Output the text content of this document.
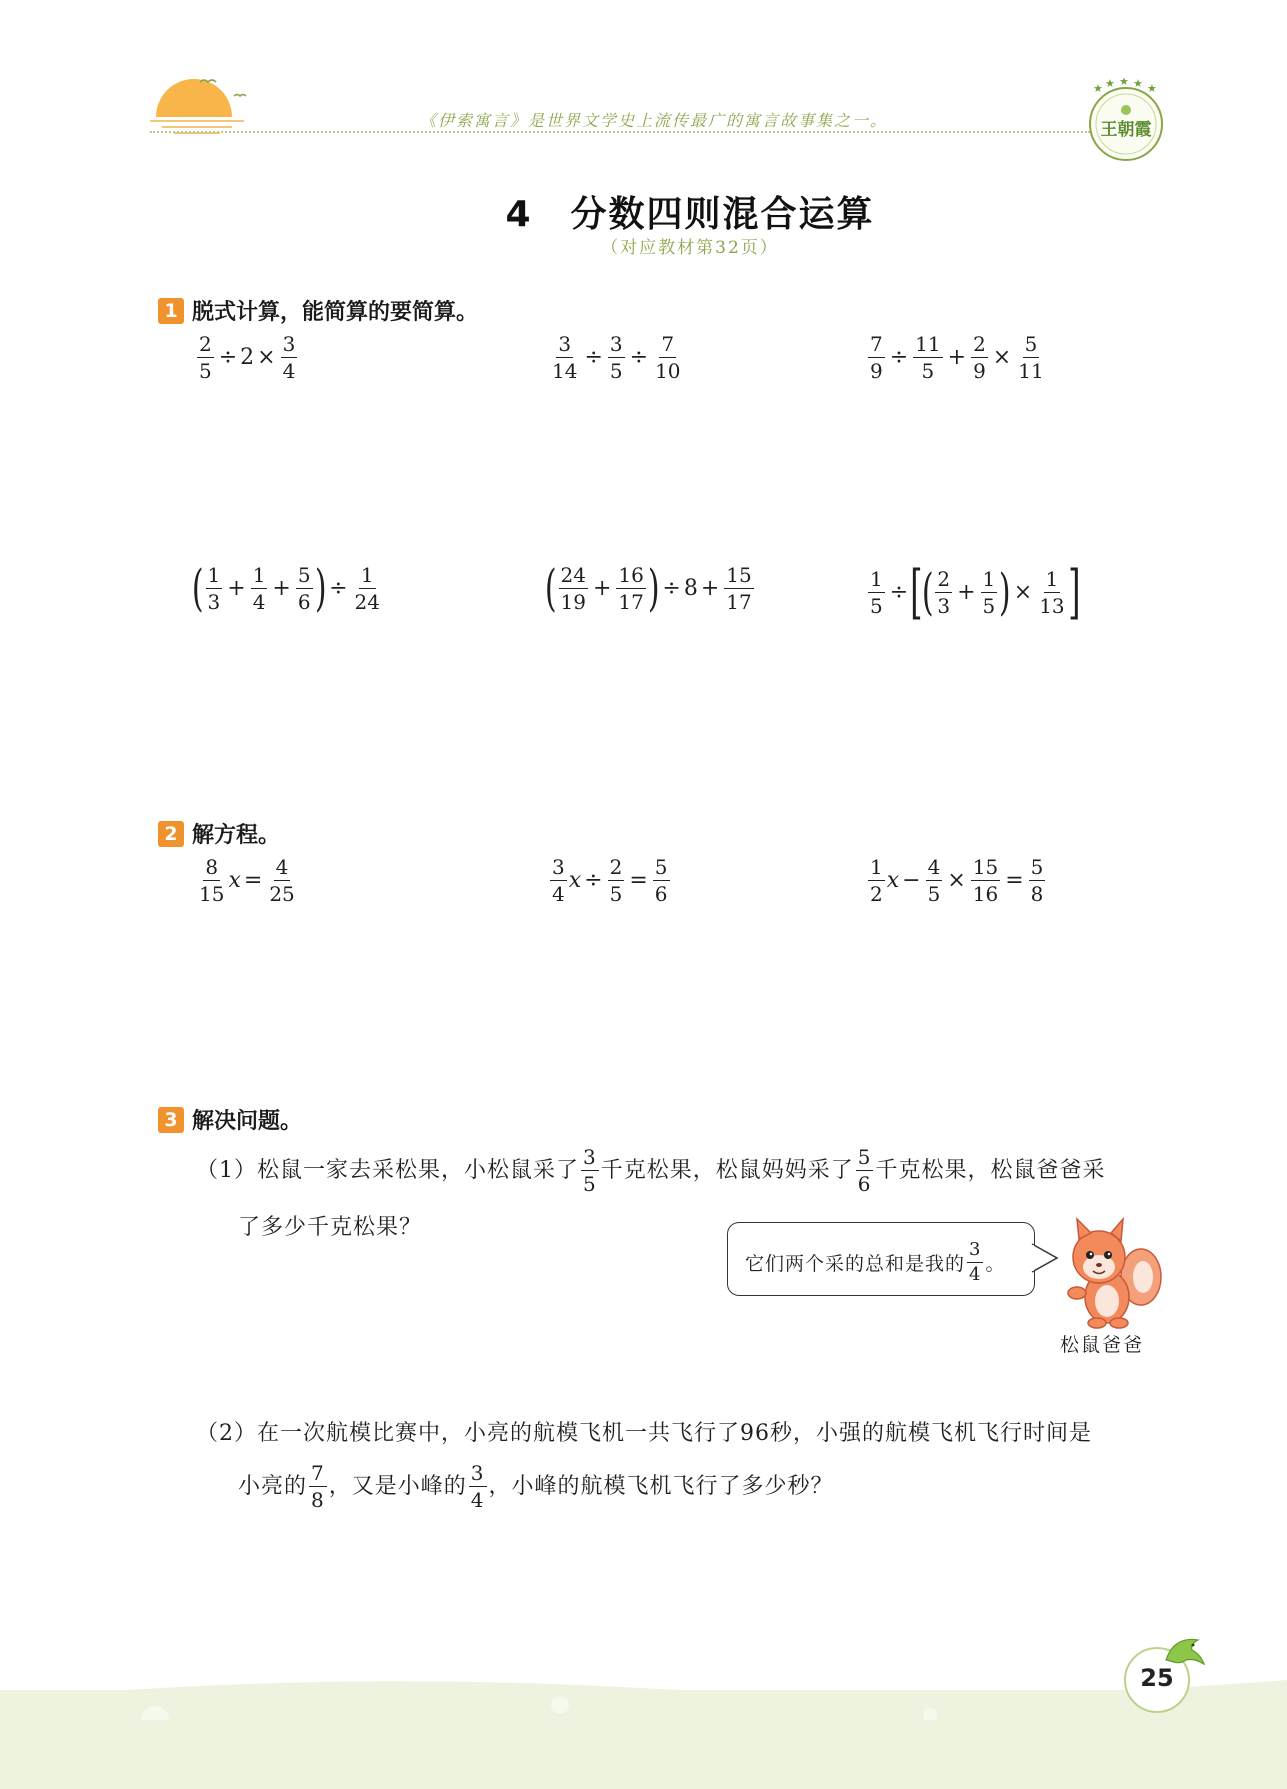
《伊索寓言》是世界文学史上流传最广的寓言故事集之一。
★ ★ ★ ★ ★
王朝霞
4　分数四则混合运算
（对应教材第32页）
1 脱式计算，能简算的要简算。
$\frac{2}{5} \div 2 \times \frac{3}{4}$	$\frac{3}{14} \div \frac{3}{5} \div \frac{7}{10}$	$\frac{7}{9} \div \frac{11}{5} + \frac{2}{9} \times \frac{5}{11}$
( $\frac{1}{3} + \frac{1}{4} + \frac{5}{6}$ ) ÷ $\frac{1}{24}$	( $\frac{24}{19} + \frac{16}{17}$ ) ÷ $8 + \frac{15}{17}$	$\frac{1}{5}$ ÷ [
( $\frac{2}{3} + \frac{1}{5}$ ) × $\frac{1}{13}$ ]
2 解方程。
$\frac{8}{15}$ $x = \frac{4}{25}$	$\frac{3}{4}$ $x \div \frac{2}{5} = \frac{5}{6}$	$\frac{1}{2}$ $x - \frac{4}{5} \times \frac{15}{16} = \frac{5}{8}$
3 解决问题。
（1）松鼠一家去采松果，小松鼠采了 $\frac{3}{5}$ 千克松果，松鼠妈妈采了 $\frac{5}{6}$ 千克松果，松鼠爸爸采
了多少千克松果？
它们两个采的总和是我的 $\frac{3}{4}$ 。
松鼠爸爸
（2）在一次航模比赛中，小亮的航模飞机一共飞行了96秒，小强的航模飞机飞行时间是
小亮的 $\frac{7}{8}$ ，又是小峰的 $\frac{3}{4}$ ，小峰的航模飞机飞行了多少秒？
25
